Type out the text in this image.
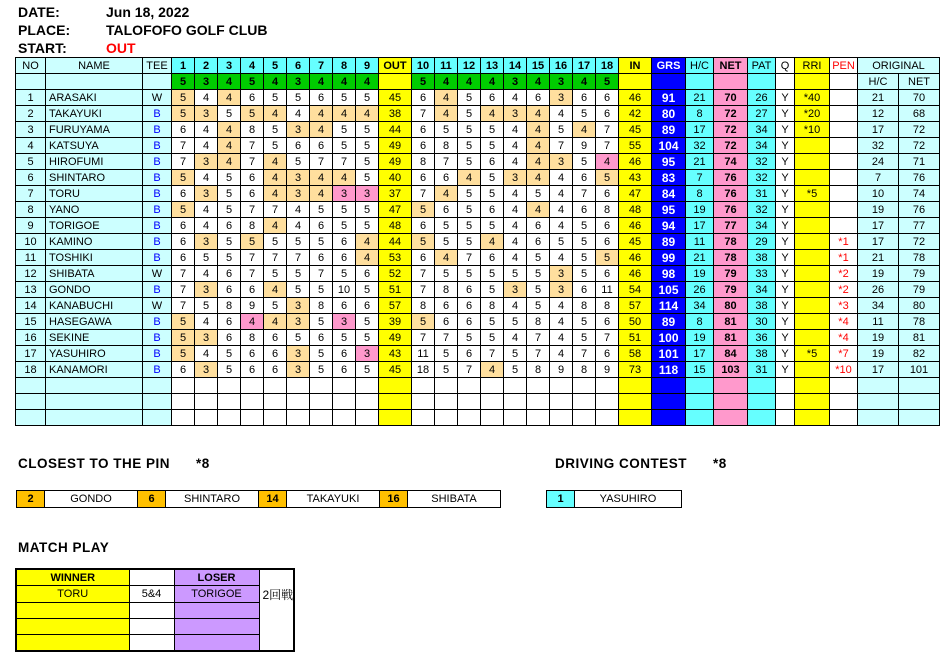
DATE:	Jun 18, 2022
PLACE:	TALOFOFO GOLF CLUB
START:	OUT
NO	NAME	TEE	1	2	3	4	5	6	7	8	9	OUT	10	11	12	13	14	15	16	17	18	IN	GRS	H/C	NET	PAT	Q	RRI	PEN	ORIGINAL	
			5	3	4	5	4	3	4	4	4		5	4	4	4	3	4	3	4	5									H/C	NET
1	ARASAKI	W	5	4	4	6	5	5	6	5	5	45	6	4	5	6	4	6	3	6	6	46	91	21	70	26	Y	*40		21	70
2	TAKAYUKI	B	5	3	5	5	4	4	4	4	4	38	7	4	5	4	3	4	4	5	6	42	80	8	72	27	Y	*20		12	68
3	FURUYAMA	B	6	4	4	8	5	3	4	5	5	44	6	5	5	5	4	4	5	4	7	45	89	17	72	34	Y	*10		17	72
4	KATSUYA	B	7	4	4	7	5	6	6	5	5	49	6	8	5	5	4	4	7	9	7	55	104	32	72	34	Y			32	72
5	HIROFUMI	B	7	3	4	7	4	5	7	7	5	49	8	7	5	6	4	4	3	5	4	46	95	21	74	32	Y			24	71
6	SHINTARO	B	5	4	5	6	4	3	4	4	5	40	6	6	4	5	3	4	4	6	5	43	83	7	76	32	Y			7	76
7	TORU	B	6	3	5	6	4	3	4	3	3	37	7	4	5	5	4	5	4	7	6	47	84	8	76	31	Y	*5		10	74
8	YANO	B	5	4	5	7	7	4	5	5	5	47	5	6	5	6	4	4	4	6	8	48	95	19	76	32	Y			19	76
9	TORIGOE	B	6	4	6	8	4	4	6	5	5	48	6	5	5	5	4	6	4	5	6	46	94	17	77	34	Y			17	77
10	KAMINO	B	6	3	5	5	5	5	5	6	4	44	5	5	5	4	4	6	5	5	6	45	89	11	78	29	Y		*1	17	72
11	TOSHIKI	B	6	5	5	7	7	7	6	6	4	53	6	4	7	6	4	5	4	5	5	46	99	21	78	38	Y		*1	21	78
12	SHIBATA	W	7	4	6	7	5	5	7	5	6	52	7	5	5	5	5	5	3	5	6	46	98	19	79	33	Y		*2	19	79
13	GONDO	B	7	3	6	6	4	5	5	10	5	51	7	8	6	5	3	5	3	6	11	54	105	26	79	34	Y		*2	26	79
14	KANABUCHI	W	7	5	8	9	5	3	8	6	6	57	8	6	6	8	4	5	4	8	8	57	114	34	80	38	Y		*3	34	80
15	HASEGAWA	B	5	4	6	4	4	3	5	3	5	39	5	6	6	5	5	8	4	5	6	50	89	8	81	30	Y		*4	11	78
16	SEKINE	B	5	3	6	8	6	5	6	5	5	49	7	7	5	5	4	7	4	5	7	51	100	19	81	36	Y		*4	19	81
17	YASUHIRO	B	5	4	5	6	6	3	5	6	3	43	11	5	6	7	5	7	4	7	6	58	101	17	84	38	Y	*5	*7	19	82
18	KANAMORI	B	6	3	5	6	6	3	5	6	5	45	18	5	7	4	5	8	9	8	9	73	118	15	103	31	Y		*10	17	101

CLOSEST TO THE PIN *8
2	GONDO	6	SHINTARO	14	TAKAYUKI	16	SHIBATA
DRIVING CONTEST *8
1	YASUHIRO
MATCH PLAY
WINNER		LOSER	
TORU	5&4	TORIGOE	2回戦
